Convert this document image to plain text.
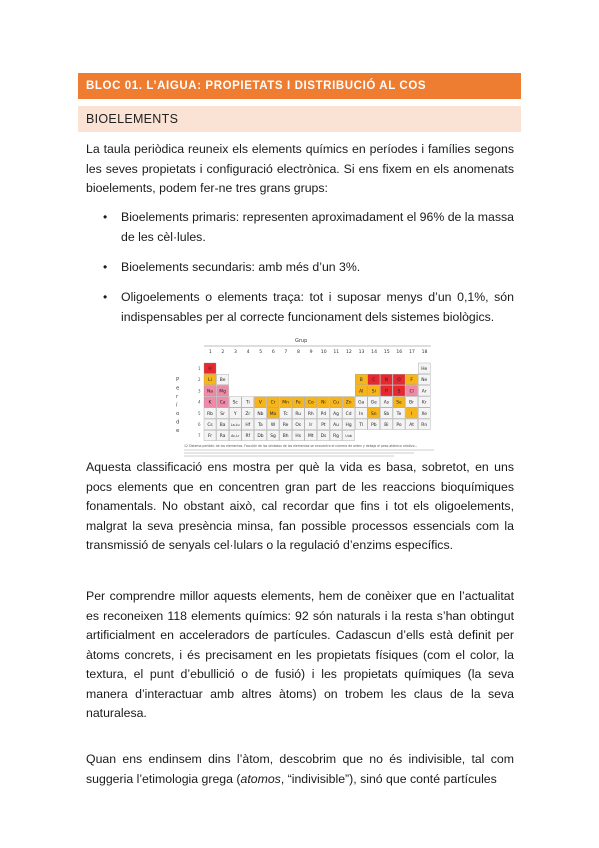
BLOC 01. L’AIGUA: PROPIETATS I DISTRIBUCIÓ AL COS
BIOELEMENTS
La taula periòdica reuneix els elements químics en períodes i famílies segons les seves propietats i configuració electrònica. Si ens fixem en els anomenats bioelements, podem fer-ne tres grans grups:
• Bioelements primaris: representen aproximadament el 96% de la massa de les cèl·lules.
• Bioelements secundaris: amb més d’un 3%.
• Oligoelements o elements traça: tot i suposar menys d’un 0,1%, són indispensables per al correcte funcionament dels sistemes biològics.
Grup
1 2 3 4 5 6 7 8 9 10 11 12 13 14 15 16 17 18
P
e
r
í
o
d
e
1 H	He
2 Li Be	B C N O F Ne
3 Na Mg	Al Si P S Cl Ar
4 K Ca Sc Ti V Cr Mn Fe Co Ni Cu Zn Ga Ge As Se Br Kr
5 Rb Sr Y Zr Nb Mo Tc Ru Rh Pd Ag Cd In Sn Sb Te I Xe
6 Cs Ba La-Lu Hf Ta W Re Os Ir Pt Au Hg Tl Pb Bi Po At Rn
7 Fr Ra Ac-Lr Rf Db Sg Bh Hs Mt Ds Rg Uub
12 Sistema periòdic de los elementos. Fracción de los símbolos de los elementos se encuentra el número de orden y debajo el peso atómico relativo...
Aquesta classificació ens mostra per què la vida es basa, sobretot, en uns pocs elements que en concentren gran part de les reaccions bioquímiques fonamentals. No obstant això, cal recordar que fins i tot els oligoelements, malgrat la seva presència minsa, fan possible processos essencials com la transmissió de senyals cel·lulars o la regulació d’enzims específics.
Per comprendre millor aquests elements, hem de conèixer que en l’actualitat es reconeixen 118 elements químics: 92 són naturals i la resta s’han obtingut artificialment en acceleradors de partícules. Cadascun d’ells està definit per àtoms concrets, i és precisament en les propietats físiques (com el color, la textura, el punt d’ebullició o de fusió) i les propietats químiques (la seva manera d’interactuar amb altres àtoms) on trobem les claus de la seva naturalesa.
Quan ens endinsem dins l’àtom, descobrim que no és indivisible, tal com suggeria l’etimologia grega (atomos, “indivisible”), sinó que conté partícules
